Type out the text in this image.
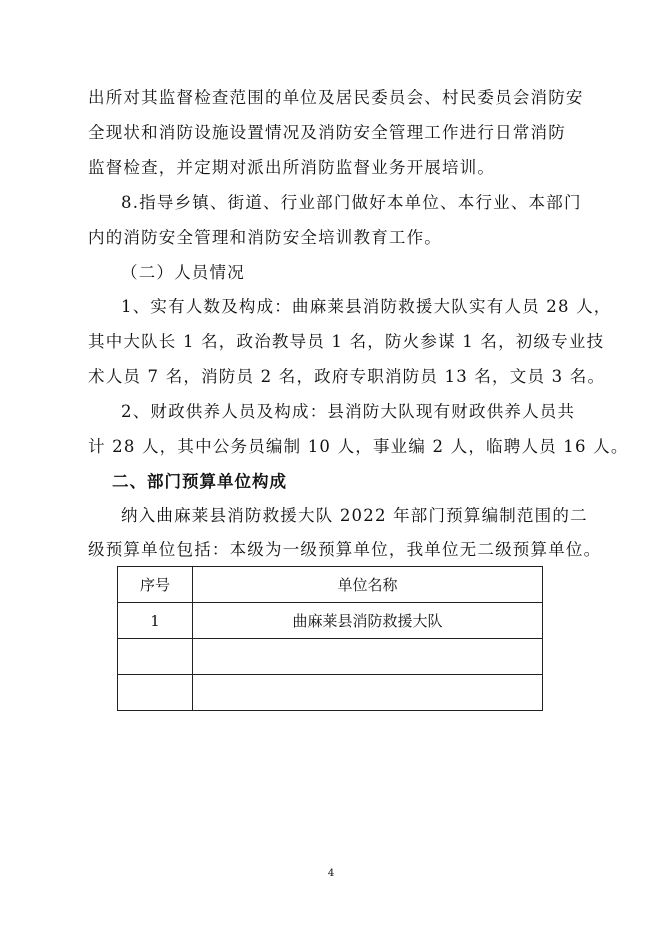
出所对其监督检查范围的单位及居民委员会、村民委员会消防安
全现状和消防设施设置情况及消防安全管理工作进行日常消防
监督检查，并定期对派出所消防监督业务开展培训。
8.指导乡镇、街道、行业部门做好本单位、本行业、本部门
内的消防安全管理和消防安全培训教育工作。
（二）人员情况
1、实有人数及构成：曲麻莱县消防救援大队实有人员 28 人，
其中大队长 1 名，政治教导员 1 名，防火参谋 1 名，初级专业技
术人员 7 名，消防员 2 名，政府专职消防员 13 名，文员 3 名。
2、财政供养人员及构成：县消防大队现有财政供养人员共
计 28 人，其中公务员编制 10 人，事业编 2 人，临聘人员 16 人。
二、部门预算单位构成
纳入曲麻莱县消防救援大队 2022 年部门预算编制范围的二
级预算单位包括：本级为一级预算单位，我单位无二级预算单位。
序号	单位名称
1	曲麻莱县消防救援大队

4
